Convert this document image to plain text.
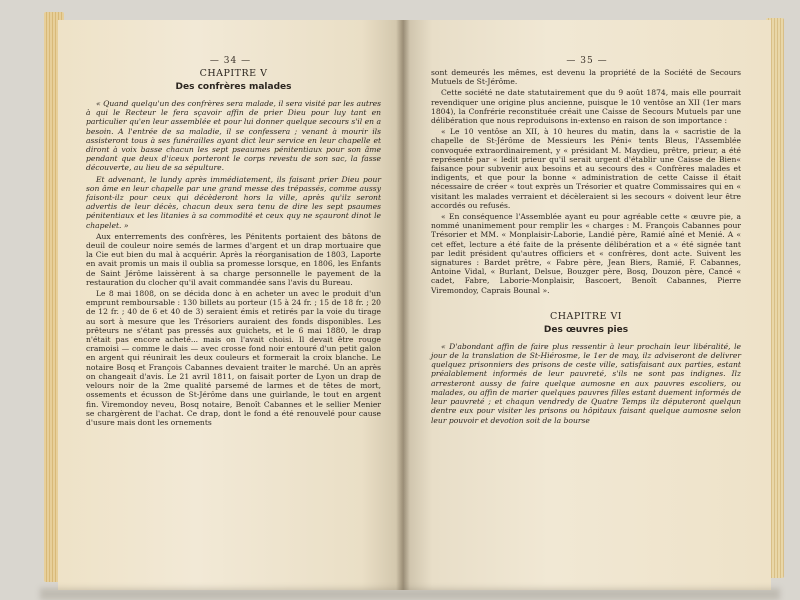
— 34 —
CHAPITRE V
Des confrères malades

« Quand quelqu'un des confrères sera malade, il sera visité par les autres à qui le Recteur le fera sçavoir affin de prier Dieu pour luy tant en particulier qu'en leur assemblée et pour lui donner quelque secours s'il en a besoin. A l'entrée de sa maladie, il se confessera ; venant à mourir ils assisteront tous à ses funérailles ayant dict leur service en leur chapelle et diront à voix basse chacun les sept pseaumes pénitentiaux pour son âme pendant que deux d'iceux porteront le corps revestu de son sac, la fasse découverte, au lieu de sa sépulture.

Et advenant, le lundy après immédiatement, ils faisant prier Dieu pour son âme en leur chapelle par une grand messe des trépassés, comme aussy faisont-ilz pour ceux qui décèderont hors la ville, après qu'ilz seront advertis de leur décès, chacun deux sera tenu de dire les sept psaumes pénitentiaux et les litanies à sa commodité et ceux quy ne sçauront dinot le chapelet. »

Aux enterrements des confrères, les Pénitents portaient des bâtons de deuil de couleur noire semés de larmes d'argent et un drap mortuaire que la Cie eut bien du mal à acquérir. Après la réorganisation de 1803, Laporte en avait promis un mais il oublia sa promesse lorsque, en 1806, les Enfants de Saint Jérôme laissèrent à sa charge personnelle le payement de la restauration du clocher qu'il avait commandée sans l'avis du Bureau.

Le 8 mai 1808, on se décida donc à en acheter un avec le produit d'un emprunt remboursable : 130 billets au porteur (15 à 24 fr. ; 15 de 18 fr. ; 20 de 12 fr. ; 40 de 6 et 40 de 3) seraient émis et retirés par la voie du tirage au sort à mesure que les Trésoriers auraient des fonds disponibles. Les prêteurs ne s'étant pas pressés aux guichets, et le 6 mai 1880, le drap n'était pas encore acheté... mais on l'avait choisi. Il devait être rouge cramoisi — comme le dais — avec crosse fond noir entouré d'un petit galon en argent qui réunirait les deux couleurs et formerait la croix blanche. Le notaire Bosq et François Cabannes devaient traiter le marché. Un an après on changeait d'avis. Le 21 avril 1811, on faisait porter de Lyon un drap de velours noir de la 2me qualité parsemé de larmes et de têtes de mort, ossements et écusson de St-Jérôme dans une guirlande, le tout en argent fin. Viremondoy neveu, Bosq notaire, Benoît Cabannes et le sellier Menier se chargèrent de l'achat. Ce drap, dont le fond a été renouvelé pour cause d'usure mais dont les ornements

— 35 —

sont demeurés les mêmes, est devenu la propriété de la Société de Secours Mutuels de St-Jérôme.

Cette société ne date statutairement que du 9 août 1874, mais elle pourrait revendiquer une origine plus ancienne, puisque le 10 ventôse an XII (1er mars 1804), la Confrérie reconstituée créait une Caisse de Secours Mutuels par une délibération que nous reproduisons in-extenso en raison de son importance :

« Le 10 ventôse an XII, à 10 heures du matin, dans la « sacristie de la chapelle de St-Jérôme de Messieurs les Péni« tents Bleus, l'Assemblée convoquée extraordinairement, y « présidant M. Maydieu, prêtre, prieur, a été représenté par « ledit prieur qu'il serait urgent d'établir une Caisse de Bien« faisance pour subvenir aux besoins et au secours des « Confrères malades et indigents, et que pour la bonne « administration de cette Caisse il était nécessaire de créer « tout exprès un Trésorier et quatre Commissaires qui en « visitant les malades verraient et décèleraient si les secours « doivent leur être accordés ou refusés.

« En conséquence l'Assemblée ayant eu pour agréable cette « œuvre pie, a nommé unanimement pour remplir les « charges : M. François Cabannes pour Trésorier et MM. « Monplaisir-Laborie, Landié père, Ramié aîné et Menié. A « cet effet, lecture a été faite de la présente délibération et a « été signée tant par ledit président qu'autres officiers et « confrères, dont acte. Suivent les signatures : Bardet prêtre, « Fabre père, Jean Biers, Ramié, F. Cabannes, Antoine Vidal, « Burlant, Delsue, Bouzger père, Bosq, Douzon père, Cancé « cadet, Fabre, Laborie-Monplaisir, Bascoert, Benoît Cabannes, Pierre Viremondoy, Caprais Bounal ».

CHAPITRE VI
Des œuvres pies

« D'abondant affin de faire plus ressentir à leur prochain leur libéralité, le jour de la translation de St-Hiérosme, le 1er de may, ilz adviseront de delivrer quelquez prisonniers des prisons de ceste ville, satisfaisant aux parties, estant préalablement informés de leur pauvreté, s'ils ne sont pas indignes. Ilz arresteront aussy de faire quelque aumosne en aux pauvres escoliers, ou malades, ou affin de marier quelques pauvres filles estant duement informés de leur pauvreté ; et chaqun vendredy de Quatre Temps ilz députeront quelqun dentre eux pour visiter les prisons ou hôpitaux faisant quelque aumosne selon leur pouvoir et devotion soit de la bourse
